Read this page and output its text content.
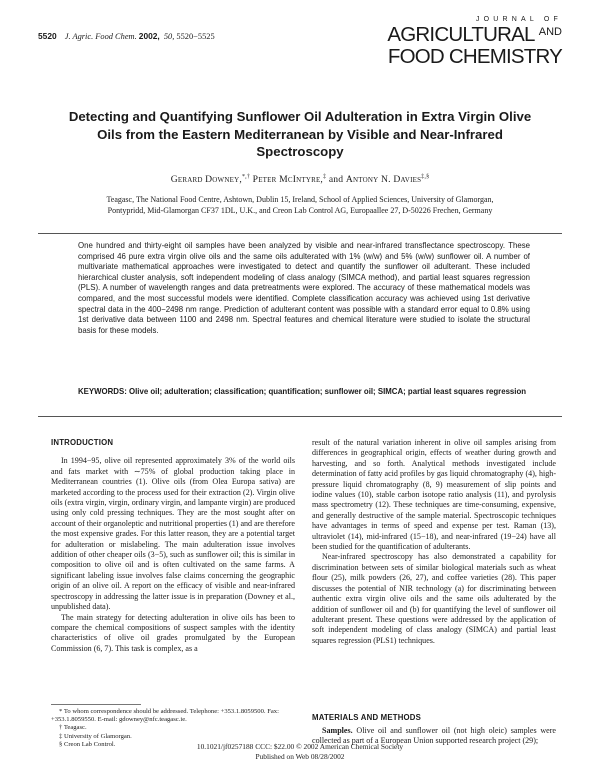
5520 J. Agric. Food Chem. 2002, 50, 5520−5525
JOURNAL OF
AGRICULTURAL $^{AND}$
FOOD CHEMISTRY
Detecting and Quantifying Sunflower Oil Adulteration in Extra Virgin Olive Oils from the Eastern Mediterranean by Visible and Near-Infrared Spectroscopy
Gerard Downey,*,† Peter McIntyre,‡ and Antony N. Davies‡,§
Teagasc, The National Food Centre, Ashtown, Dublin 15, Ireland, School of Applied Sciences, University of Glamorgan, Pontypridd, Mid-Glamorgan CF37 1DL, U.K., and Creon Lab Control AG, Europaallee 27, D-50226 Frechen, Germany
One hundred and thirty-eight oil samples have been analyzed by visible and near-infrared transflectance spectroscopy. These comprised 46 pure extra virgin olive oils and the same oils adulterated with 1% (w/w) and 5% (w/w) sunflower oil. A number of multivariate mathematical approaches were investigated to detect and quantify the sunflower oil adulterant. These included hierarchical cluster analysis, soft independent modeling of class analogy (SIMCA method), and partial least squares regression (PLS). A number of wavelength ranges and data pretreatments were explored. The accuracy of these mathematical models was compared, and the most successful models were identified. Complete classification accuracy was achieved using 1st derivative spectral data in the 400−2498 nm range. Prediction of adulterant content was possible with a standard error equal to 0.8% using 1st derivative data between 1100 and 2498 nm. Spectral features and chemical literature were studied to isolate the structural basis for these models.
KEYWORDS: Olive oil; adulteration; classification; quantification; sunflower oil; SIMCA; partial least squares regression
INTRODUCTION
In 1994−95, olive oil represented approximately 3% of the world oils and fats market with ∼75% of global production taking place in Mediterranean countries (1). Olive oils (from Olea Europa sativa) are marketed according to the process used for their extraction (2). Virgin olive oils (extra virgin, virgin, ordinary virgin, and lampante virgin) are produced using only cold pressing techniques. They are the most sought after on account of their organoleptic and nutritional properties (1) and are therefore the most expensive grades. For this latter reason, they are a potential target for adulteration or mislabeling. The main adulteration issue involves addition of other cheaper oils (3−5), such as sunflower oil; this is similar in composition to olive oil and is often cultivated on the same farms. A significant labeling issue involves false claims concerning the geographic origin of an olive oil. A report on the efficacy of visible and near-infrared spectroscopy in addressing the latter issue is in preparation (Downey et al., unpublished data).
The main strategy for detecting adulteration in olive oils has been to compare the chemical compositions of suspect samples with the identity characteristics of olive oil grades promulgated by the European Commission (6, 7). This task is complex, as a
result of the natural variation inherent in olive oil samples arising from differences in geographical origin, effects of weather during growth and harvesting, and so forth. Analytical methods investigated include determination of fatty acid profiles by gas liquid chromatography (4), high-pressure liquid chromatography (8, 9) measurement of slip points and iodine values (10), stable carbon isotope ratio analysis (11), and pyrolysis mass spectrometry (12). These techniques are time-consuming, expensive, and generally destructive of the sample material. Spectroscopic techniques have advantages in terms of speed and expense per test. Raman (13), ultraviolet (14), mid-infrared (15−18), and near-infrared (19−24) have all been studied for the quantification of adulterants.
Near-infrared spectroscopy has also demonstrated a capability for discrimination between sets of similar biological materials such as wheat flour (25), milk powders (26, 27), and coffee varieties (28). This paper discusses the potential of NIR technology (a) for discriminating between authentic extra virgin olive oils and the same oils adulterated by the addition of sunflower oil and (b) for quantifying the level of sunflower oil adulterant present. These questions were addressed by the application of soft independent modeling of class analogy (SIMCA) and partial least squares regression (PLS1) techniques.
MATERIALS AND METHODS
Samples. Olive oil and sunflower oil (not high oleic) samples were collected as part of a European Union supported research project (29);
* To whom correspondence should be addressed. Telephone: +353.1.8059500. Fax: +353.1.8059550. E-mail: gdowney@nfc.teagasc.ie.
† Teagasc.
‡ University of Glamorgan.
§ Creon Lab Control.	10.1021/jf0257188 CCC: $22.00 © 2002 American Chemical Society
Published on Web 08/28/2002
